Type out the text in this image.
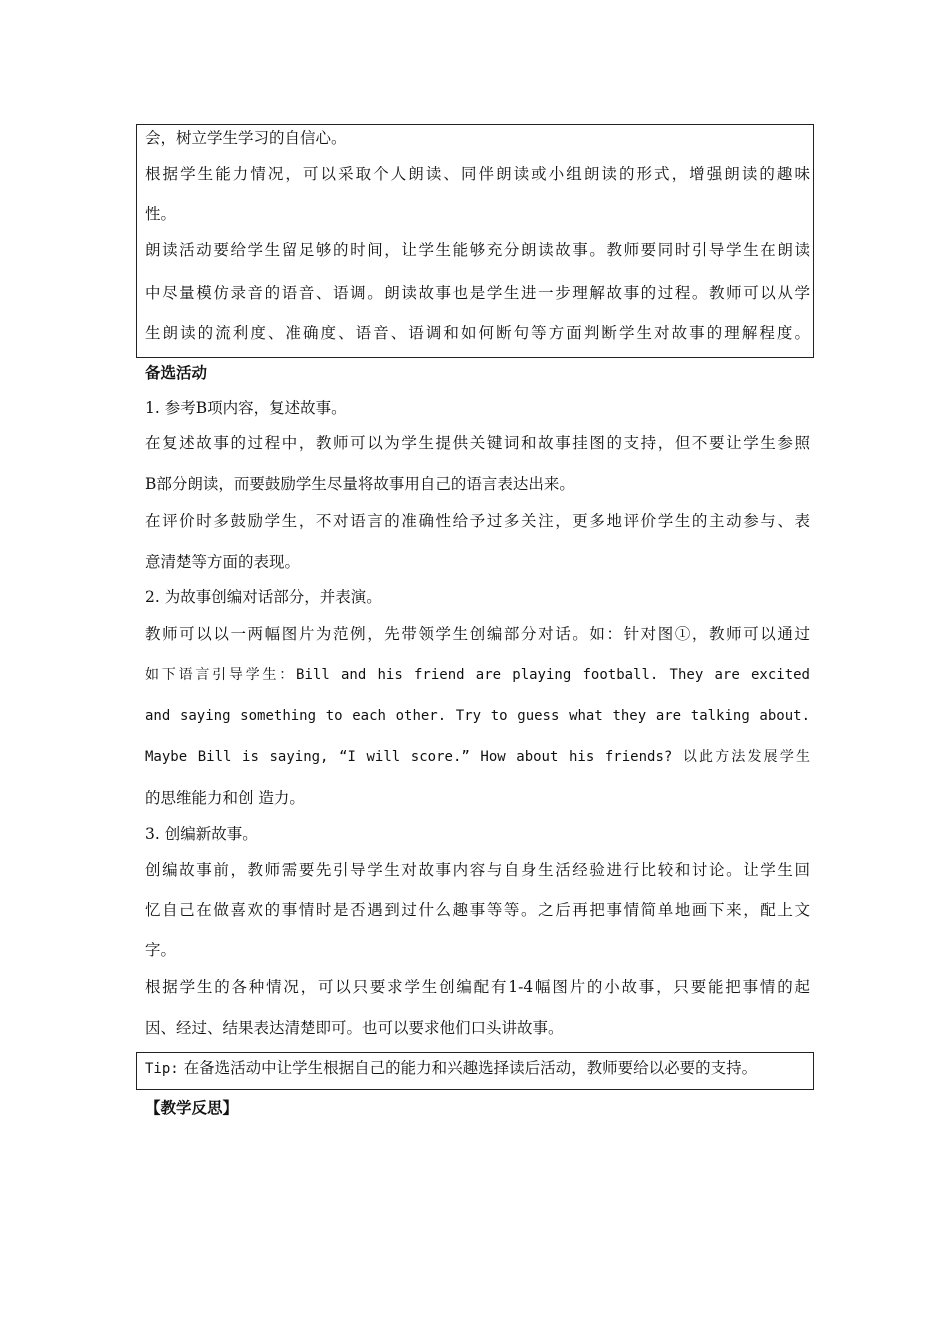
会，树立学生学习的自信心。
根据学生能力情况，可以采取个人朗读、同伴朗读或小组朗读的形式，增强朗读的趣味
性。
朗读活动要给学生留足够的时间，让学生能够充分朗读故事。教师要同时引导学生在朗读
中尽量模仿录音的语音、语调。朗读故事也是学生进一步理解故事的过程。教师可以从学
生朗读的流利度、准确度、语音、语调和如何断句等方面判断学生对故事的理解程度。
备选活动
1. 参考B项内容，复述故事。
在复述故事的过程中，教师可以为学生提供关键词和故事挂图的支持，但不要让学生参照
B部分朗读，而要鼓励学生尽量将故事用自己的语言表达出来。
在评价时多鼓励学生，不对语言的准确性给予过多关注，更多地评价学生的主动参与、表
意清楚等方面的表现。
2. 为故事创编对话部分，并表演。
教师可以以一两幅图片为范例，先带领学生创编部分对话。如：针对图①，教师可以通过
如下语言引导学生：Bill and his friend are playing football. They are excited
and saying something to each other. Try to guess what they are talking about.
Maybe Bill is saying, “I will score.” How about his friends? 以此方法发展学生
的思维能力和创 造力。
3. 创编新故事。
创编故事前，教师需要先引导学生对故事内容与自身生活经验进行比较和讨论。让学生回
忆自己在做喜欢的事情时是否遇到过什么趣事等等。之后再把事情简单地画下来，配上文
字。
根据学生的各种情况，可以只要求学生创编配有1-4幅图片的小故事，只要能把事情的起
因、经过、结果表达清楚即可。也可以要求他们口头讲故事。
Tip: 在备选活动中让学生根据自己的能力和兴趣选择读后活动，教师要给以必要的支持。
【教学反思】
